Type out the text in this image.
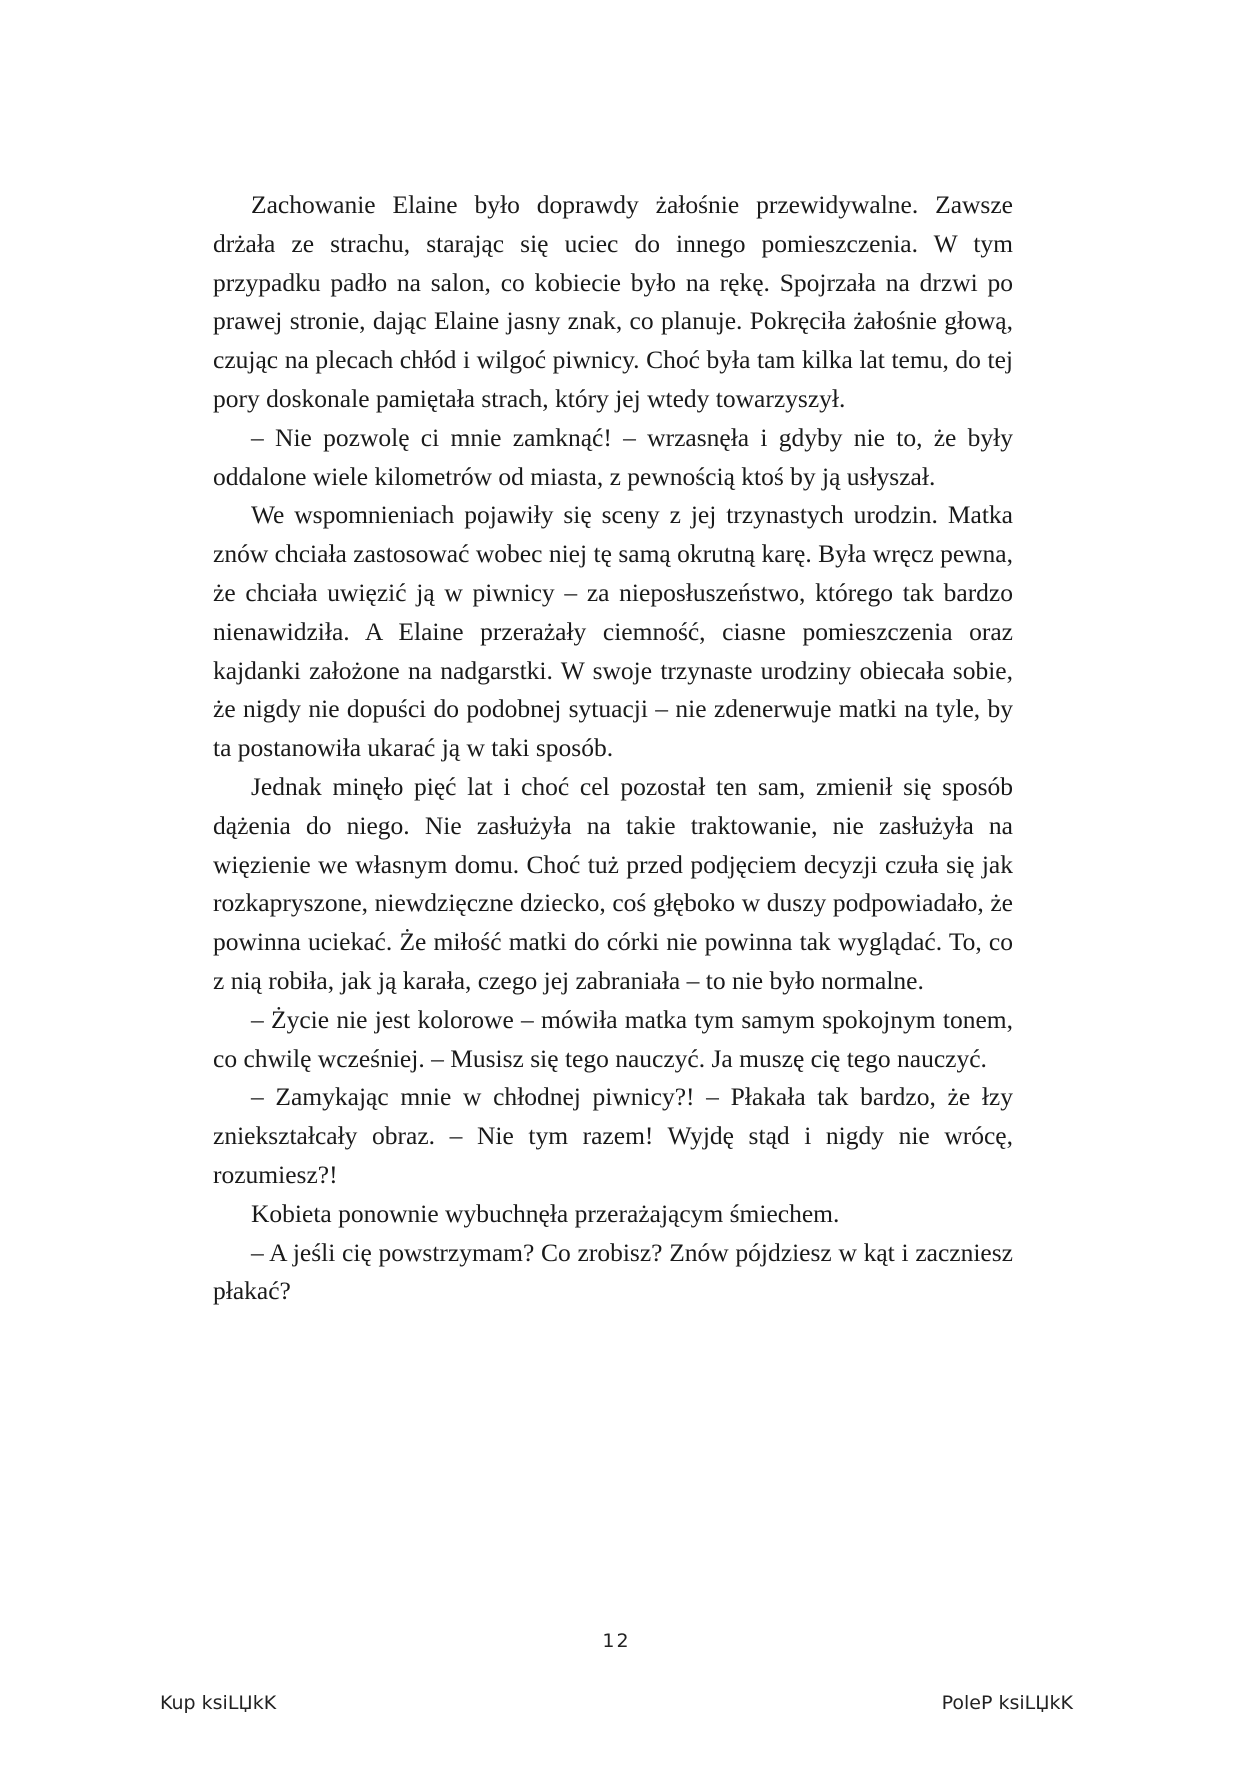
Zachowanie Elaine było doprawdy żałośnie przewidywalne. Zawsze drżała ze strachu, starając się uciec do innego pomieszczenia. W tym przypadku padło na salon, co kobiecie było na rękę. Spojrzała na drzwi po prawej stronie, dając Elaine jasny znak, co planuje. Pokręciła żałośnie głową, czując na plecach chłód i wilgoć piwnicy. Choć była tam kilka lat temu, do tej pory doskonale pamiętała strach, który jej wtedy towarzyszył.

– Nie pozwolę ci mnie zamknąć! – wrzasnęła i gdyby nie to, że były oddalone wiele kilometrów od miasta, z pewnością ktoś by ją usłyszał.

We wspomnieniach pojawiły się sceny z jej trzynastych urodzin. Matka znów chciała zastosować wobec niej tę samą okrutną karę. Była wręcz pewna, że chciała uwięzić ją w piwnicy – za nieposłuszeństwo, którego tak bardzo nienawidziła. A Elaine przerażały ciemność, ciasne pomieszczenia oraz kajdanki założone na nadgarstki. W swoje trzynaste urodziny obiecała sobie, że nigdy nie dopuści do podobnej sytuacji – nie zdenerwuje matki na tyle, by ta postanowiła ukarać ją w taki sposób.

Jednak minęło pięć lat i choć cel pozostał ten sam, zmienił się sposób dążenia do niego. Nie zasłużyła na takie traktowanie, nie zasłużyła na więzienie we własnym domu. Choć tuż przed podjęciem decyzji czuła się jak rozkapryszone, niewdzięczne dziecko, coś głęboko w duszy podpowiadało, że powinna uciekać. Że miłość matki do córki nie powinna tak wyglądać. To, co z nią robiła, jak ją karała, czego jej zabraniała – to nie było normalne.

– Życie nie jest kolorowe – mówiła matka tym samym spokojnym tonem, co chwilę wcześniej. – Musisz się tego nauczyć. Ja muszę cię tego nauczyć.

– Zamykając mnie w chłodnej piwnicy?! – Płakała tak bardzo, że łzy zniekształcały obraz. – Nie tym razem! Wyjdę stąd i nigdy nie wrócę, rozumiesz?!

Kobieta ponownie wybuchnęła przerażającym śmiechem.

– A jeśli cię powstrzymam? Co zrobisz? Znów pójdziesz w kąt i zaczniesz płakać?

12
Kup ksiLЏkK	PoleP ksiLЏkK
